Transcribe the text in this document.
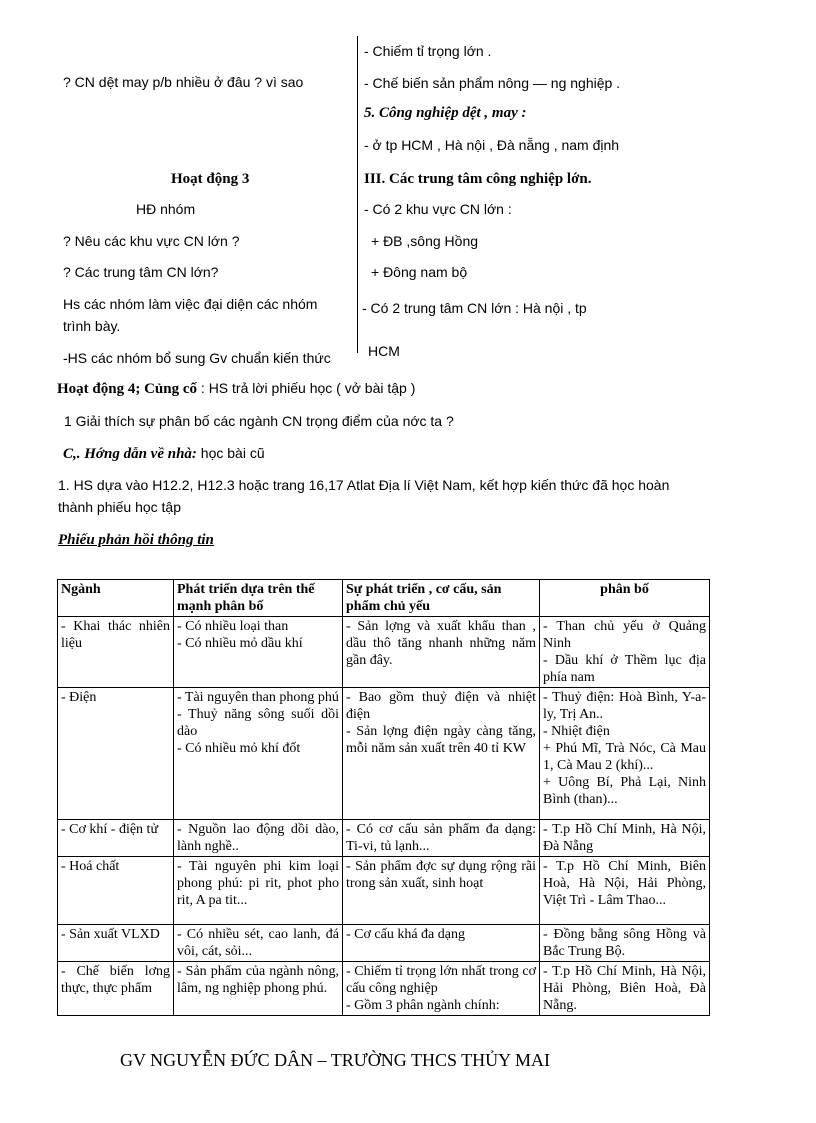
? CN dệt may p/b nhiều ở đâu ? vì sao
Hoạt động 3
HĐ nhóm
? Nêu các khu vực CN lớn ?
? Các trung tâm CN lớn?
Hs các nhóm làm việc đại diện các nhóm
trình bày.
-HS các nhóm bổ sung Gv chuẩn kiến thức
- Chiếm tỉ trọng lớn .
- Chế biến sản phẩm nông — ng nghiệp .
5. Công nghiệp dệt , may :
- ở tp HCM , Hà nội , Đà nẵng , nam định
III. Các trung tâm công nghiệp lớn.
- Có 2 khu vực CN lớn :
+ ĐB ,sông Hồng
+ Đông nam bộ
- Có 2 trung tâm CN lớn : Hà nội , tp
HCM
Hoạt động 4; Củng cố : HS trả lời phiếu học ( vở bài tập )
1 Giải thích sự phân bố các ngành CN trọng điểm của nớc ta ?
C,. Hớng dẫn về nhà: học bài cũ
1. HS dựa vào H12.2, H12.3 hoặc trang 16,17 Atlat Địa lí Việt Nam, kết hợp kiến thức đã học hoàn
thành phiếu học tập
Phiếu phản hồi thông tin
Ngành	Phát triển dựa trên thế mạnh phân bố	Sự phát triển , cơ cấu, sản phẩm chủ yếu	phân bố

- Khai thác nhiên liệu	- Có nhiều loại than
- Có nhiều mỏ dầu khí	- Sản lợng và xuất khẩu than , dầu thô tăng nhanh những năm gần đây.	- Than chủ yếu ở Quảng Ninh
- Dầu khí ở Thềm lục địa phía nam

- Điện	- Tài nguyên than phong phú
- Thuỷ năng sông suối dồi dào
- Có nhiều mỏ khí đốt	- Bao gồm thuỷ điện và nhiệt điện
- Sản lợng điện ngày càng tăng, mỗi năm sản xuất trên 40 tỉ KW	- Thuỷ điện: Hoà Bình, Y-a-ly, Trị An..
- Nhiệt điện
+ Phú Mĩ, Trà Nóc, Cà Mau 1, Cà Mau 2 (khí)...
+ Uông Bí, Phả Lại, Ninh Bình (than)...

- Cơ khí - điện tử	- Nguồn lao động dồi dào, lành nghề..	- Có cơ cấu sản phẩm đa dạng: Ti-vi, tủ lạnh...	- T.p Hồ Chí Minh, Hà Nội, Đà Nẵng

- Hoá chất	- Tài nguyên phi kim loại phong phú: pi rit, phot pho rit, A pa tit...	- Sản phẩm đợc sự dụng rộng rãi trong sản xuất, sinh hoạt	- T.p Hồ Chí Minh, Biên Hoà, Hà Nội, Hải Phòng, Việt Trì - Lâm Thao...

- Sản xuất VLXD	- Có nhiều sét, cao lanh, đá vôi, cát, sỏi...	- Cơ cấu khá đa dạng	- Đồng bằng sông Hồng và Bắc Trung Bộ.

- Chế biến lơng thực, thực phẩm	- Sản phẩm của ngành nông, lâm, ng nghiệp phong phú.	- Chiếm tỉ trọng lớn nhất trong cơ cấu công nghiệp
- Gồm 3 phân ngành chính:	- T.p Hồ Chí Minh, Hà Nội, Hải Phòng, Biên Hoà, Đà Nẵng.
GV NGUYỄN ĐỨC DÂN – TRƯỜNG THCS THỦY MAI
